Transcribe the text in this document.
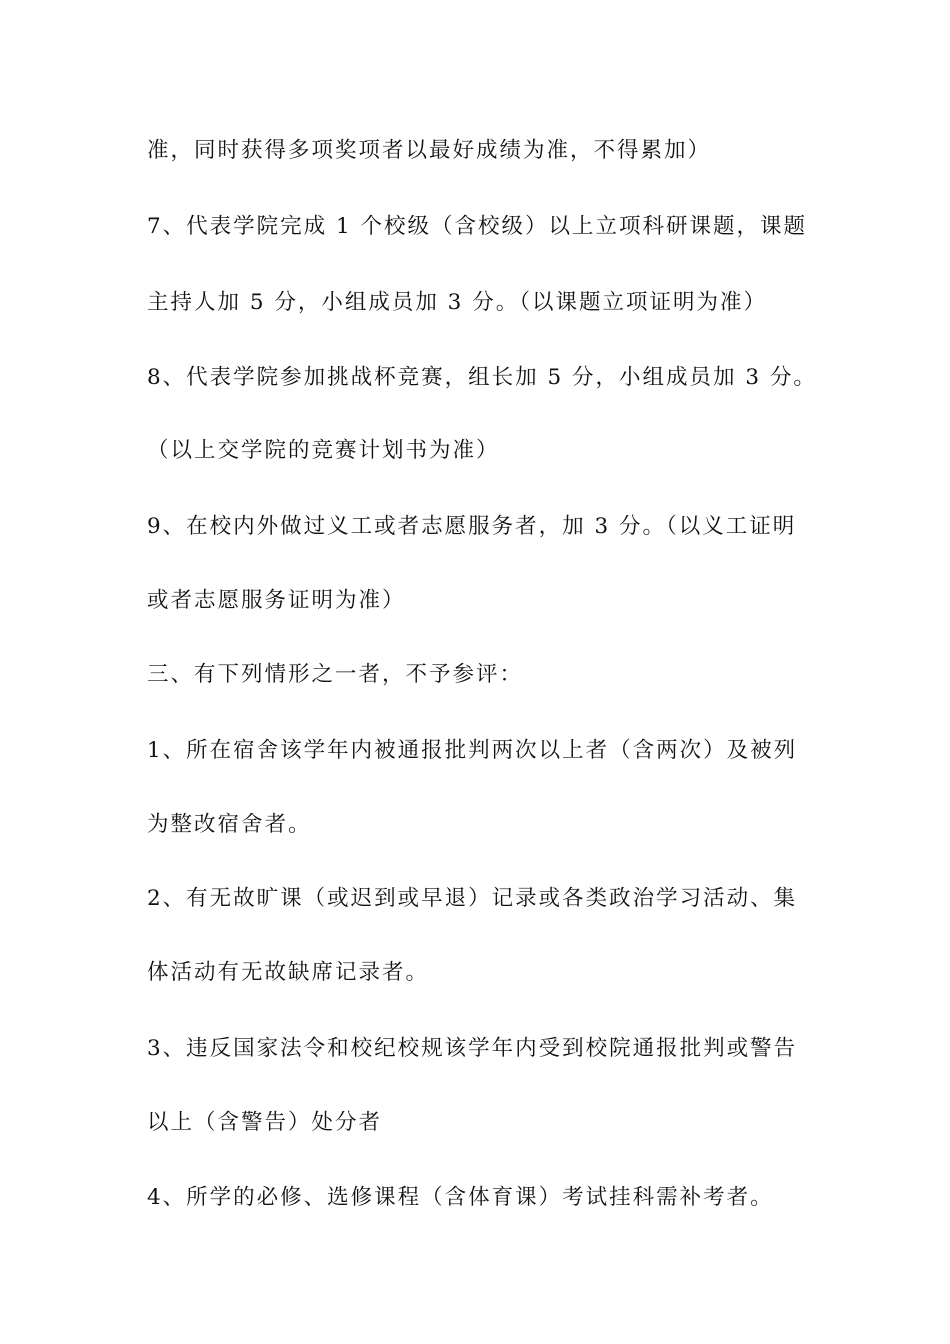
准，同时获得多项奖项者以最好成绩为准，不得累加）
7、代表学院完成 1 个校级（含校级）以上立项科研课题，课题
主持人加 5 分，小组成员加 3 分。（以课题立项证明为准）
8、代表学院参加挑战杯竞赛，组长加 5 分，小组成员加 3 分。
（以上交学院的竞赛计划书为准）
9、在校内外做过义工或者志愿服务者，加 3 分。（以义工证明
或者志愿服务证明为准）
三、有下列情形之一者，不予参评：
1、所在宿舍该学年内被通报批判两次以上者（含两次）及被列
为整改宿舍者。
2、有无故旷课（或迟到或早退）记录或各类政治学习活动、集
体活动有无故缺席记录者。
3、违反国家法令和校纪校规该学年内受到校院通报批判或警告
以上（含警告）处分者
4、所学的必修、选修课程（含体育课）考试挂科需补考者。
